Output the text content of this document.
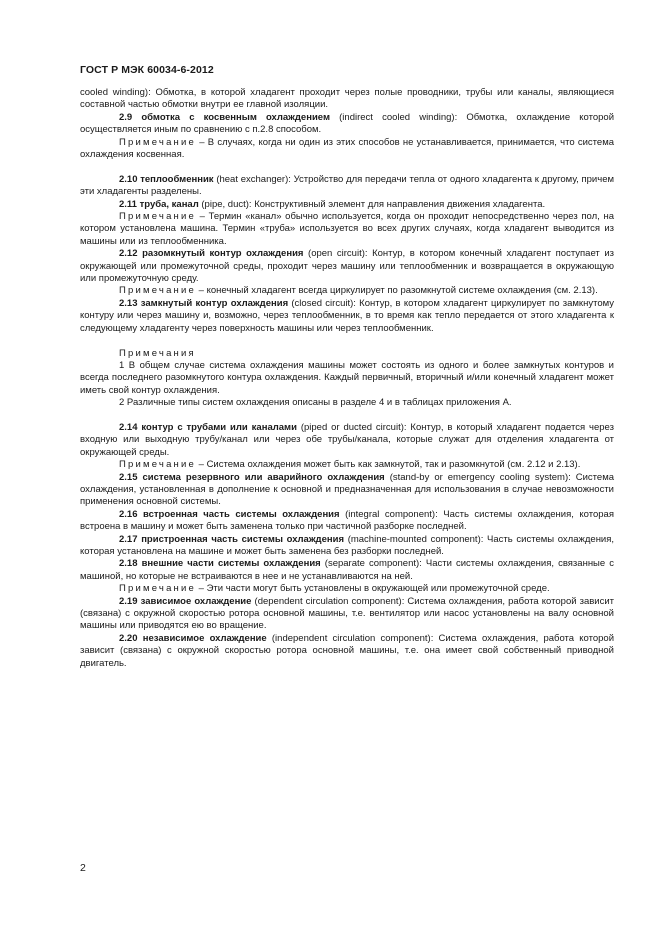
ГОСТ Р МЭК 60034-6-2012

cooled winding): Обмотка, в которой хладагент проходит через полые проводники, трубы или каналы, являющиеся составной частью обмотки внутри ее главной изоляции.

2.9 обмотка с косвенным охлаждением (indirect cooled winding): Обмотка, охлаждение которой осуществляется иным по сравнению с п.2.8 способом.

Примечание – В случаях, когда ни один из этих способов не устанавливается, принимается, что система охлаждения косвенная.

2.10 теплообменник (heat exchanger): Устройство для передачи тепла от одного хладагента к другому, причем эти хладагенты разделены.

2.11 труба, канал (pipe, duct): Конструктивный элемент для направления движения хладагента.

Примечание – Термин «канал» обычно используется, когда он проходит непосредственно через пол, на котором установлена машина. Термин «труба» используется во всех других случаях, когда хладагент выводится из машины или из теплообменника.

2.12 разомкнутый контур охлаждения (open circuit): Контур, в котором конечный хладагент поступает из окружающей или промежуточной среды, проходит через машину или теплообменник и возвращается в окружающую или промежуточную среду.

Примечание – конечный хладагент всегда циркулирует по разомкнутой системе охлаждения (см. 2.13).

2.13 замкнутый контур охлаждения (closed circuit): Контур, в котором хладагент циркулирует по замкнутому контуру или через машину и, возможно, через теплообменник, в то время как тепло передается от этого хладагента к следующему хладагенту через поверхность машины или через теплообменник.

Примечания

1 В общем случае система охлаждения машины может состоять из одного и более замкнутых контуров и всегда последнего разомкнутого контура охлаждения. Каждый первичный, вторичный и/или конечный хладагент может иметь свой контур охлаждения.

2 Различные типы систем охлаждения описаны в разделе 4 и в таблицах приложения А.

2.14 контур с трубами или каналами (piped or ducted circuit): Контур, в который хладагент подается через входную или выходную трубу/канал или через обе трубы/канала, которые служат для отделения хладагента от окружающей среды.

Примечание – Система охлаждения может быть как замкнутой, так и разомкнутой (см. 2.12 и 2.13).

2.15 система резервного или аварийного охлаждения (stand-by or emergency cooling system): Система охлаждения, установленная в дополнение к основной и предназначенная для использования в случае невозможности применения основной системы.

2.16 встроенная часть системы охлаждения (integral component): Часть системы охлаждения, которая встроена в машину и может быть заменена только при частичной разборке последней.

2.17 пристроенная часть системы охлаждения (machine-mounted component): Часть системы охлаждения, которая установлена на машине и может быть заменена без разборки последней.

2.18 внешние части системы охлаждения (separate component): Части системы охлаждения, связанные с машиной, но которые не встраиваются в нее и не устанавливаются на ней.

Примечание – Эти части могут быть установлены в окружающей или промежуточной среде.

2.19 зависимое охлаждение (dependent circulation component): Система охлаждения, работа которой зависит (связана) с окружной скоростью ротора основной машины, т.е. вентилятор или насос установлены на валу основной машины или приводятся ею во вращение.

2.20 независимое охлаждение (independent circulation component): Система охлаждения, работа которой зависит (связана) с окружной скоростью ротора основной машины, т.е. она имеет свой собственный приводной двигатель.

2
